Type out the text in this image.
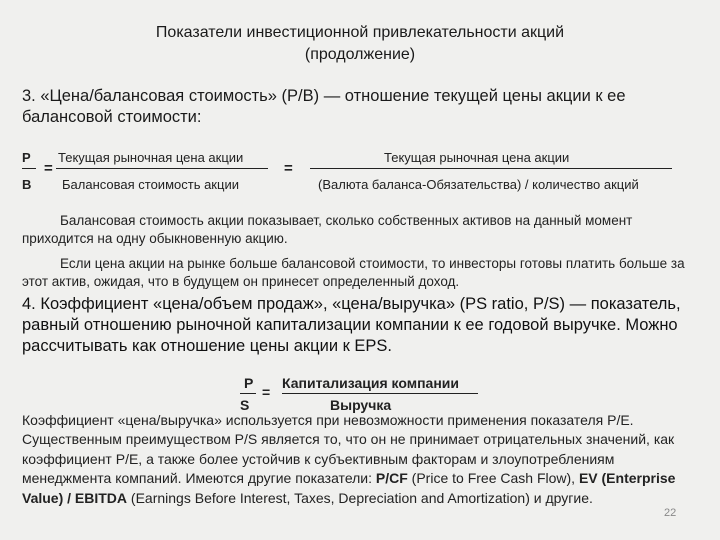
Показатели инвестиционной привлекательности акций
(продолжение)
3. «Цена/балансовая стоимость» (P/B) — отношение текущей цены акции к ее балансовой стоимости:
P
B
=
Текущая рыночная цена акции
Балансовая стоимость акции
=
Текущая рыночная цена акции
(Валюта баланса-Обязательства) / количество акций
Балансовая стоимость акции показывает, сколько собственных активов на данный момент приходится на одну обыкновенную акцию.
Если цена акции на рынке больше балансовой стоимости, то инвесторы готовы платить больше за этот актив, ожидая, что в будущем он принесет определенный доход.
4. Коэффициент «цена/объем продаж», «цена/выручка» (PS ratio, P/S) — показатель, равный отношению рыночной капитализации компании к ее годовой выручке. Можно рассчитывать как отношение цены акции к EPS.
P
S
=
Капитализация компании
Выручка
Коэффициент «цена/выручка» используется при невозможности применения показателя P/E. Существенным преимуществом P/S является то, что он не принимает отрицательных значений, как коэффициент P/E, а также более устойчив к субъективным факторам и злоупотреблениям менеджмента компаний. Имеются другие показатели: P/CF (Price to Free Cash Flow), EV (Enterprise Value) / EBITDA (Earnings Before Interest, Taxes, Depreciation and Amortization) и другие.
22
